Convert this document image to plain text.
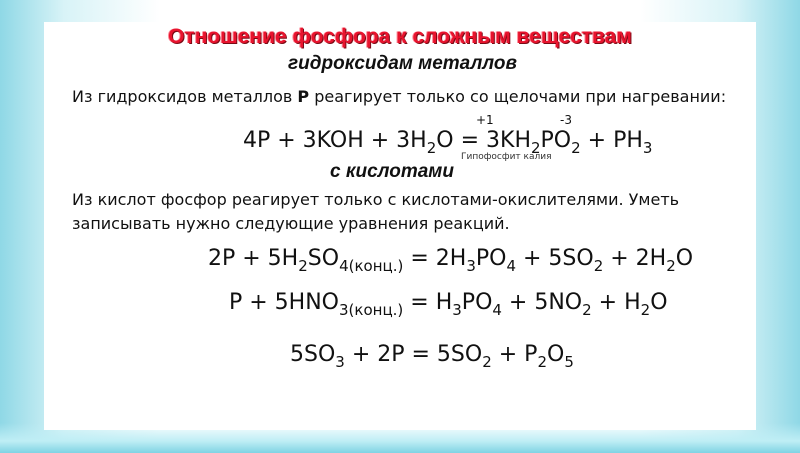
Отношение фосфора к сложным веществам
гидроксидам металлов
Из гидроксидов металлов Р реагирует только со щелочами при нагревании:
+1	-3
$4P + 3KOH + 3H_2O = 3KH_2PO_2 + PH_3$
Гипофосфит калия
с кислотами
Из кислот фосфор реагирует только с кислотами-окислителями. Уметь
записывать нужно следующие уравнения реакций.
$2P + 5H_2SO_{4(конц.)} = 2H_3PO_4 + 5SO_2 + 2H_2O$
$P + 5HNO_{3(конц.)} = H_3PO_4 + 5NO_2 + H_2O$
$5SO_3 + 2P = 5SO_2 + P_2O_5$
